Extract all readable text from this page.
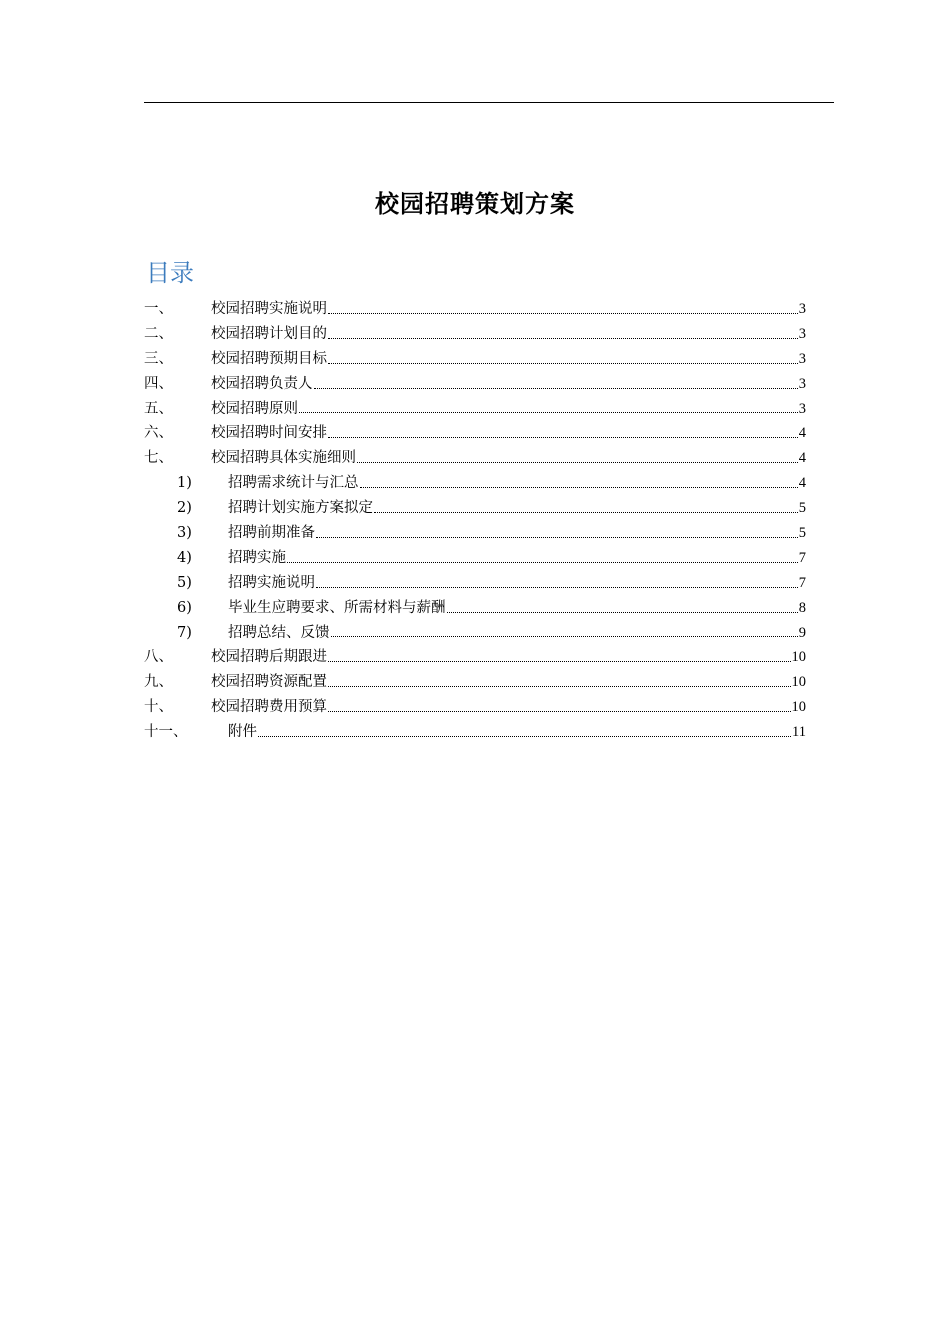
校园招聘策划方案
目录
一、	校园招聘实施说明	3
二、	校园招聘计划目的	3
三、	校园招聘预期目标	3
四、	校园招聘负责人	3
五、	校园招聘原则	3
六、	校园招聘时间安排	4
七、	校园招聘具体实施细则	4
1)	招聘需求统计与汇总	4
2)	招聘计划实施方案拟定	5
3)	招聘前期准备	5
4)	招聘实施	7
5)	招聘实施说明	7
6)	毕业生应聘要求、所需材料与薪酬	8
7)	招聘总结、反馈	9
八、	校园招聘后期跟进	10
九、	校园招聘资源配置	10
十、	校园招聘费用预算	10
十一、	附件	11
